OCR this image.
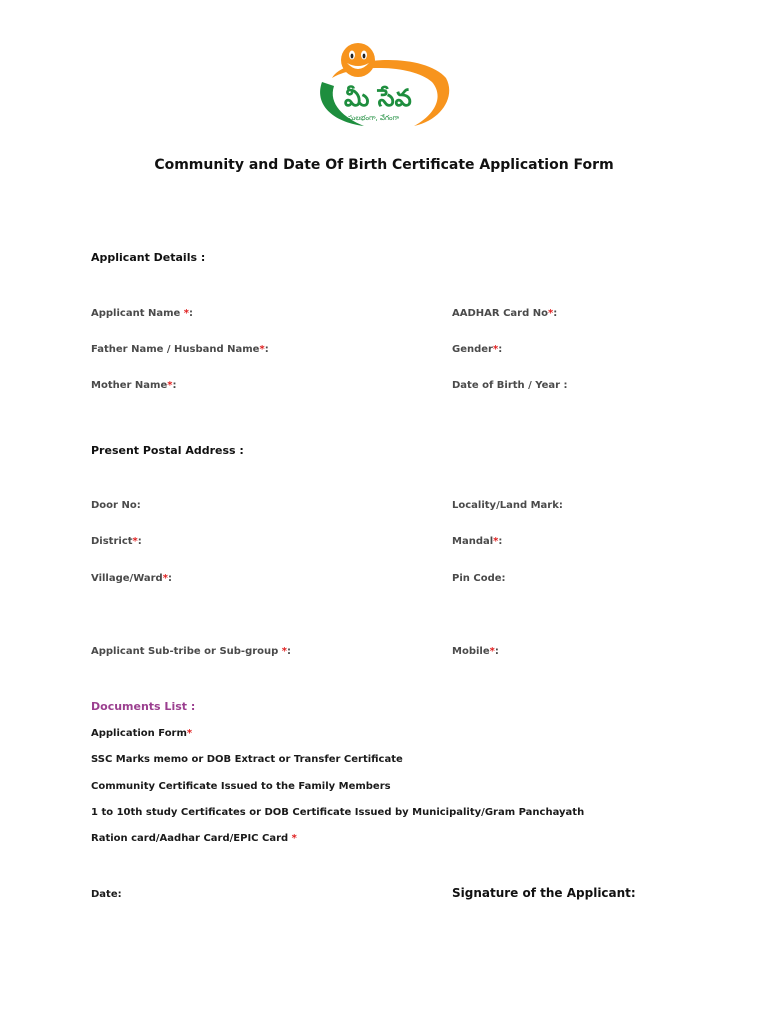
మీ సేవ
సులభంగా, వేగంగా
Community and Date Of Birth Certificate Application Form
Applicant Details :
Applicant Name *:	AADHAR Card No*:
Father Name / Husband Name*:	Gender*:
Mother Name*:	Date of Birth / Year :
Present Postal Address :
Door No:	Locality/Land Mark:
District*:	Mandal*:
Village/Ward*:	Pin Code:
Applicant Sub-tribe or Sub-group *:	Mobile*:
Documents List :
Application Form*
SSC Marks memo or DOB Extract or Transfer Certificate
Community Certificate Issued to the Family Members
1 to 10th study Certificates or DOB Certificate Issued by Municipality/Gram Panchayath
Ration card/Aadhar Card/EPIC Card *
Date:	Signature of the Applicant:
